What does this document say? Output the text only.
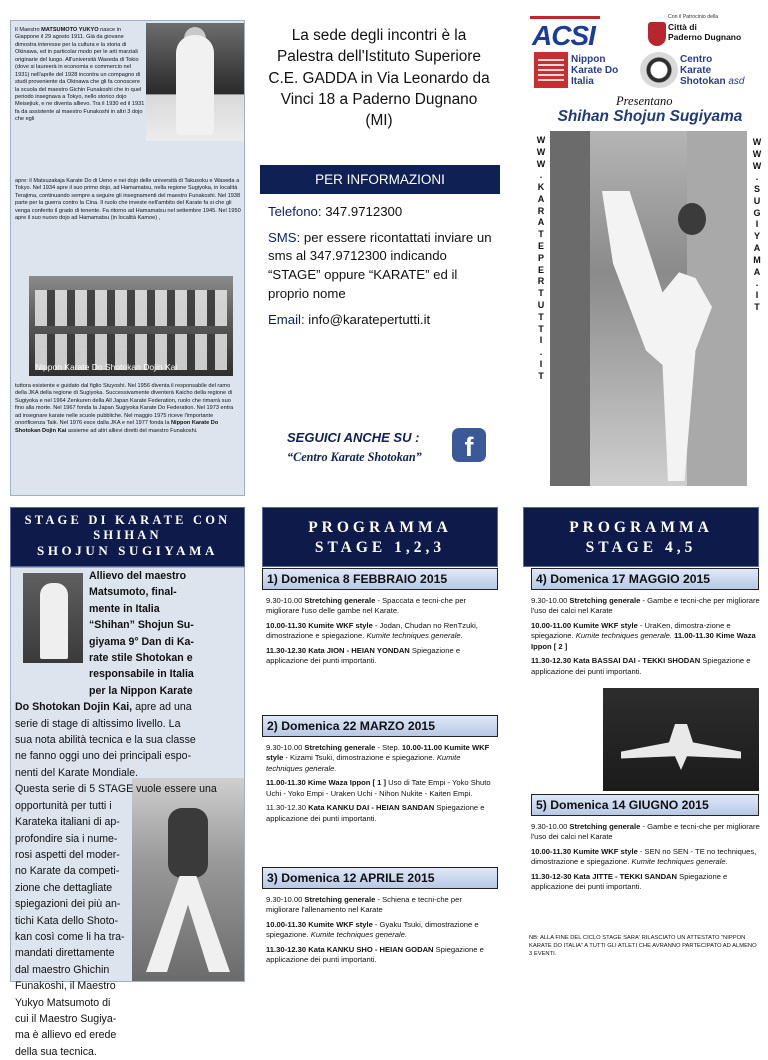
Il Maestro MATSUMOTO YUKYO nasce in Giappone il 29 agosto 1911. Già da giovane dimostra interesse per la cultura e la storia di Okinawa, ed in particolar modo per le arti marziali originarie del luogo. All'università Waseda di Tokio (dove si laureerà in economia e commercio nel 1931) nell'aprile del 1928 incontra un compagno di studi proveniente da Okinawa che gli fa conoscere la scuola del maestro Gichin Funakoshi che in quel periodo insegnava a Tokyo, nello storico dojo Meisejiuk, e ne diventa allievo. Tra il 1930 ed il 1931 fa da assistente al maestro Funakoshi in altri 3 dojo che egli
apre: il Matsuzakaja Karate Do di Ueno e nei dojo delle università di Takusoku e Waseda a Tokyo. Nel 1934 apre il suo primo dojo, ad Hamamatsu, nella regione Sugiyoka, in località Terajima, continuando sempre a seguire gli insegnamenti del maestro Funakoshi. Nel 1938 parte per la guerra contro la Cina. Il ruolo che investe nell'ambito del Karate fa si che gli venga conferito il grado di tenente. Fa ritorno ad Hamamatsu nel settembre 1945. Nel 1950 apre il suo nuovo dojo ad Hamamatsu (in località Kamoe) ,
Nippon Karate Do Shotokan Dojin Kai
tuttora esistente e guidato dal figlio Stuyoshi. Nel 1956 diventa il responsabile del ramo della JKA della regione di Sugiyoka. Successivamente diventerà Kaicho della regione di Sugiyoka e nel 1964 Zenkuren della All Japan Karate Federation, ruolo che rimarrà suo fino alla morte. Nel 1967 fonda la Japan Sugiyoka Karate Do Federation. Nel 1973 entra ad insegnare karate nelle scuole pubbliche. Nel maggio 1975 riceve l'importante onorificenza Taik. Nel 1976 esce dalla JKA e nel 1977 fonda la Nippon Karate Do Shotokan Dojin Kai assieme ad altri allievi diretti del maestro Funakoshi.
STAGE DI KARATE CON
SHIHAN
SHOJUN SUGIYAMA
Allievo del maestro
Matsumoto, final-
mente in Italia
“Shihan” Shojun Su-
giyama 9° Dan di Ka-
rate stile Shotokan e
responsabile in Italia
per la Nippon Karate
Do Shotokan Dojin Kai, apre ad una
serie di stage di altissimo livello. La
sua nota abilità tecnica e la sua classe
ne fanno oggi uno dei principali espo-
nenti del Karate Mondiale.
Questa serie di 5 STAGE vuole essere una
opportunità per tutti i
Karateka italiani di ap-
profondire sia i nume-
rosi aspetti del moder-
no Karate da competi-
zione che dettagliate
spiegazioni dei più an-
tichi Kata dello Shoto-
kan così come li ha tra-
mandati direttamente
dal maestro Ghichin
Funakoshi, il Maestro
Yukyo Matsumoto di
cui il Maestro Sugiya-
ma è allievo ed erede
della sua tecnica.
La sede degli incontri è la Palestra dell'Istituto Superiore C.E. GADDA in Via Leonardo da Vinci 18 a Paderno Dugnano (MI)
PER INFORMAZIONI

Telefono: 347.9712300

SMS: per essere ricontattati inviare un sms al 347.9712300 indicando “STAGE” oppure “KARATE” ed il proprio nome

Email: info@karatepertutti.it

SEGUICI ANCHE SU :
“Centro Karate Shotokan”	f
PROGRAMMA
STAGE 1,2,3
PROGRAMMA
STAGE 4,5
1) Domenica 8 FEBBRAIO 2015
9.30-10.00 Stretching generale - Spaccata e tecni-che per migliorare l'uso delle gambe nel Karate.
10.00-11.30 Kumite WKF style - Jodan, Chudan no RenTzuki, dimostrazione e spiegazione. Kumite techniques generale.
11.30-12.30 Kata JION - HEIAN YONDAN Spiegazione e applicazione dei punti importanti.
2) Domenica 22 MARZO 2015
9.30-10.00 Stretching generale - Step. 10.00-11.00 Kumite WKF style - Kizami Tsuki, dimostrazione e spiegazione. Kumite techniques generale.
11.00-11.30 Kime Waza Ippon [ 1 ] Uso di Tate Empi - Yoko Shuto Uchi - Yoko Empi - Uraken Uchi - Nihon Nukite - Kaiten Empi.
11.30-12.30 Kata KANKU DAI - HEIAN SANDAN Spiegazione e applicazione dei punti importanti.
3) Domenica 12 APRILE 2015
9.30-10.00 Stretching generale - Schiena e tecni-che per migliorare l'allenamento nel Karate
10.00-11.30 Kumite WKF style - Gyaku Tsuki, dimostrazione e spiegazione. Kumite techniques generale.
11.30-12.30 Kata KANKU SHO - HEIAN GODAN Spiegazione e applicazione dei punti importanti.
4) Domenica 17 MAGGIO 2015
9.30-10.00 Stretching generale - Gambe e tecni-che per migliorare l'uso dei calci nel Karate
10.00-11.00 Kumite WKF style - UraKen, dimostra-zione e spiegazione. Kumite techniques generale. 11.00-11.30 Kime Waza Ippon [ 2 ]
11.30-12.30 Kata BASSAI DAI - TEKKI SHODAN Spiegazione e applicazione dei punti importanti.
5) Domenica 14 GIUGNO 2015
9.30-10.00 Stretching generale - Gambe e tecni-che per migliorare l'uso dei calci nel Karate
10.00-11.30 Kumite WKF style - SEN no SEN - TE no techniques, dimostrazione e spiegazione. Kumite techniques generale.
11.30-12-30 Kata JITTE - TEKKI SANDAN Spiegazione e applicazione dei punti importanti.
NB: ALLA FINE DEL CICLO STAGE SARA' RILASCIATO UN ATTESTATO “NIPPON KARATE DO ITALIA” A TUTTI GLI ATLETI CHE AVRANNO PARTECIPATO AD ALMENO 3 EVENTI.
ACSI
Con il Patrocinio della
Città di
Paderno Dugnano
Nippon
Karate Do
Italia
Centro
Karate
Shotokan asd
Presentano
Shihan Shojun Sugiyama
W
W
W
.
K
A
R
A
T
E
P
E
R
T
U
T
T
I
.
I
T
W
W
W
.
S
U
G
I
Y
A
M
A
.
I
T
